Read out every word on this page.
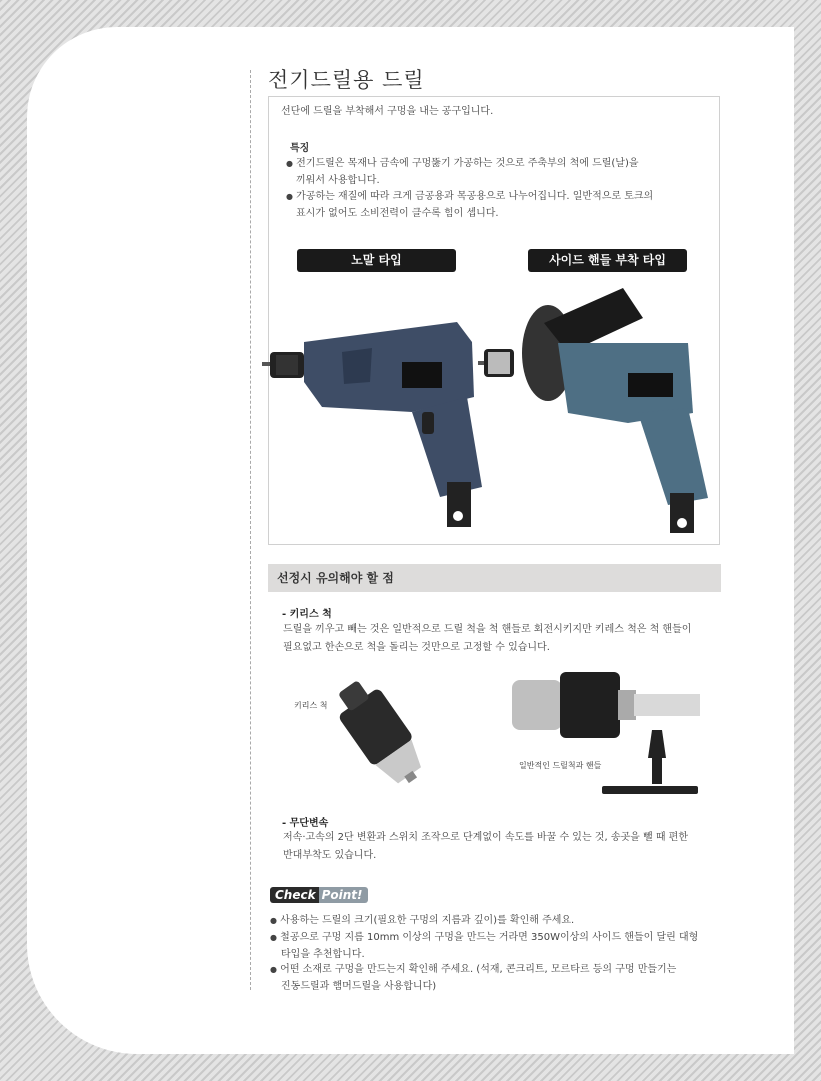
전기드릴용 드릴
선단에 드릴을 부착해서 구멍을 내는 공구입니다.
특징
● 전기드릴은 목재나 금속에 구멍뚫기 가공하는 것으로 주축부의 척에 드릴(날)을
끼워서 사용합니다.
● 가공하는 재질에 따라 크게 금공용과 목공용으로 나누어집니다. 일반적으로 토크의
표시가 없어도 소비전력이 클수록 힘이 셉니다.
노말 타입	사이드 핸들 부착 타입
선정시 유의해야 할 점
- 키리스 척
드릴을 끼우고 빼는 것은 일반적으로 드릴 척을 척 핸들로 회전시키지만 키레스 척은 척 핸들이
필요없고 한손으로 척을 돌리는 것만으로 고정할 수 있습니다.
키리스 척
일반적인 드릴척과 핸들
- 무단변속
저속·고속의 2단 변환과 스위치 조작으로 단계없이 속도를 바꿀 수 있는 것, 송곳을 뺄 때 편한
반대부착도 있습니다.
Check Point!
● 사용하는 드릴의 크기(필요한 구멍의 지름과 깊이)를 확인해 주세요.
● 철공으로 구멍 지름 10mm 이상의 구멍을 만드는 거라면 350W이상의 사이드 핸들이 달린 대형
타입을 추천합니다.
● 어떤 소재로 구멍을 만드는지 확인해 주세요. (석재, 콘크리트, 모르타르 등의 구멍 만들기는
진동드릴과 햄머드릴을 사용합니다)
